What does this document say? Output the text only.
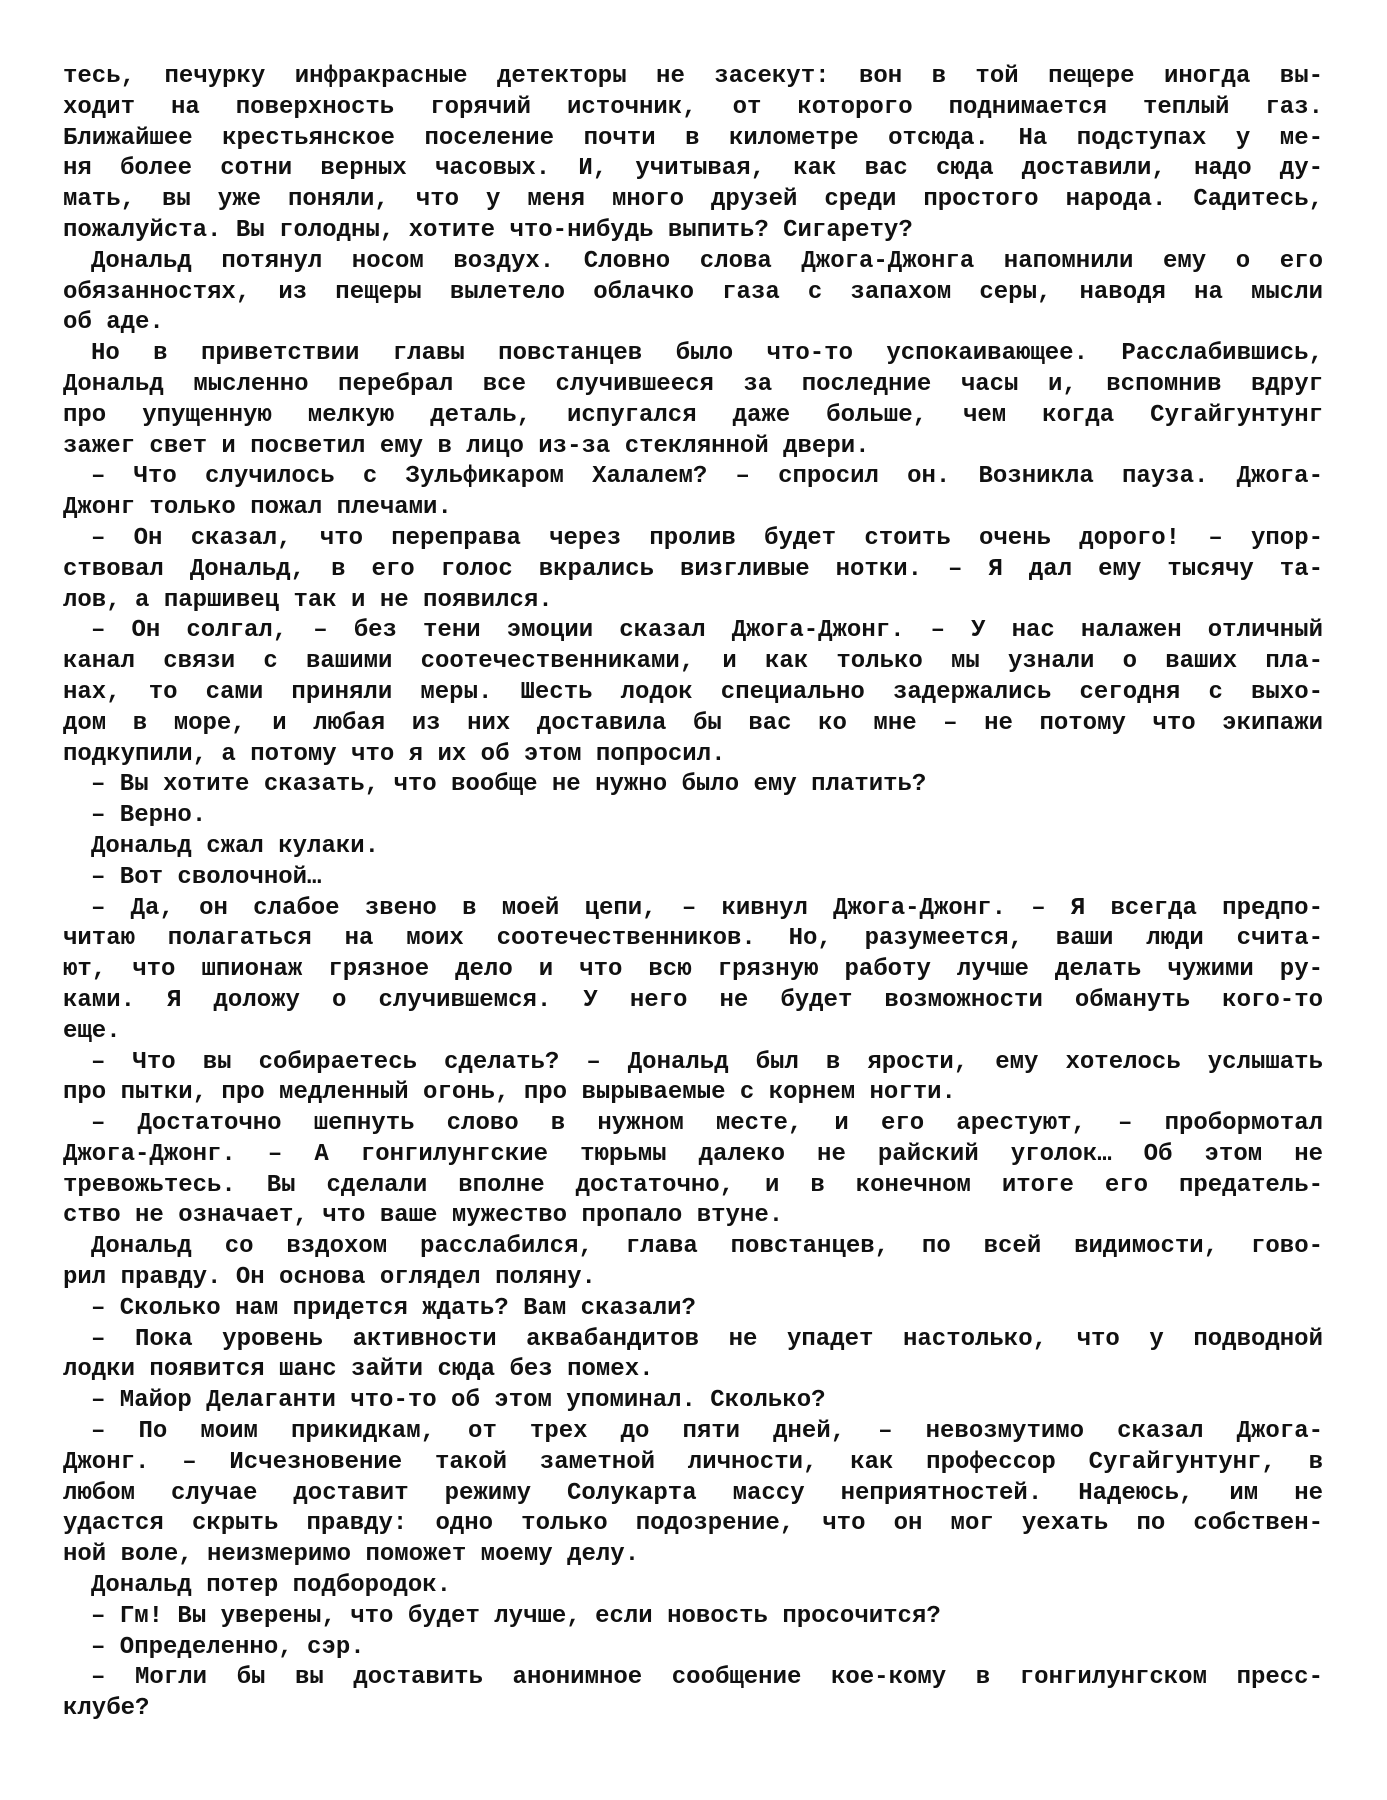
тесь, печурку инфракрасные детекторы не засекут: вон в той пещере иногда вы-
ходит на поверхность горячий источник, от которого поднимается теплый газ.
Ближайшее крестьянское поселение почти в километре отсюда. На подступах у ме-
ня более сотни верных часовых. И, учитывая, как вас сюда доставили, надо ду-
мать, вы уже поняли, что у меня много друзей среди простого народа. Садитесь,
пожалуйста. Вы голодны, хотите что-нибудь выпить? Сигарету?
Дональд потянул носом воздух. Словно слова Джога-Джонга напомнили ему о его
обязанностях, из пещеры вылетело облачко газа с запахом серы, наводя на мысли
об аде.
Но в приветствии главы повстанцев было что-то успокаивающее. Расслабившись,
Дональд мысленно перебрал все случившееся за последние часы и, вспомнив вдруг
про упущенную мелкую деталь, испугался даже больше, чем когда Сугайгунтунг
зажег свет и посветил ему в лицо из-за стеклянной двери.
– Что случилось с Зульфикаром Халалем? – спросил он. Возникла пауза. Джога-
Джонг только пожал плечами.
– Он сказал, что переправа через пролив будет стоить очень дорого! – упор-
ствовал Дональд, в его голос вкрались визгливые нотки. – Я дал ему тысячу та-
лов, а паршивец так и не появился.
– Он солгал, – без тени эмоции сказал Джога-Джонг. – У нас налажен отличный
канал связи с вашими соотечественниками, и как только мы узнали о ваших пла-
нах, то сами приняли меры. Шесть лодок специально задержались сегодня с выхо-
дом в море, и любая из них доставила бы вас ко мне – не потому что экипажи
подкупили, а потому что я их об этом попросил.
– Вы хотите сказать, что вообще не нужно было ему платить?
– Верно.
Дональд сжал кулаки.
– Вот сволочной…
– Да, он слабое звено в моей цепи, – кивнул Джога-Джонг. – Я всегда предпо-
читаю полагаться на моих соотечественников. Но, разумеется, ваши люди счита-
ют, что шпионаж грязное дело и что всю грязную работу лучше делать чужими ру-
ками. Я доложу о случившемся. У него не будет возможности обмануть кого-то
еще.
– Что вы собираетесь сделать? – Дональд был в ярости, ему хотелось услышать
про пытки, про медленный огонь, про вырываемые с корнем ногти.
– Достаточно шепнуть слово в нужном месте, и его арестуют, – пробормотал
Джога-Джонг. – А гонгилунгские тюрьмы далеко не райский уголок… Об этом не
тревожьтесь. Вы сделали вполне достаточно, и в конечном итоге его предатель-
ство не означает, что ваше мужество пропало втуне.
Дональд со вздохом расслабился, глава повстанцев, по всей видимости, гово-
рил правду. Он основа оглядел поляну.
– Сколько нам придется ждать? Вам сказали?
– Пока уровень активности аквабандитов не упадет настолько, что у подводной
лодки появится шанс зайти сюда без помех.
– Майор Делаганти что-то об этом упоминал. Сколько?
– По моим прикидкам, от трех до пяти дней, – невозмутимо сказал Джога-
Джонг. – Исчезновение такой заметной личности, как профессор Сугайгунтунг, в
любом случае доставит режиму Солукарта массу неприятностей. Надеюсь, им не
удастся скрыть правду: одно только подозрение, что он мог уехать по собствен-
ной воле, неизмеримо поможет моему делу.
Дональд потер подбородок.
– Гм! Вы уверены, что будет лучше, если новость просочится?
– Определенно, сэр.
– Могли бы вы доставить анонимное сообщение кое-кому в гонгилунгском пресс-
клубе?
